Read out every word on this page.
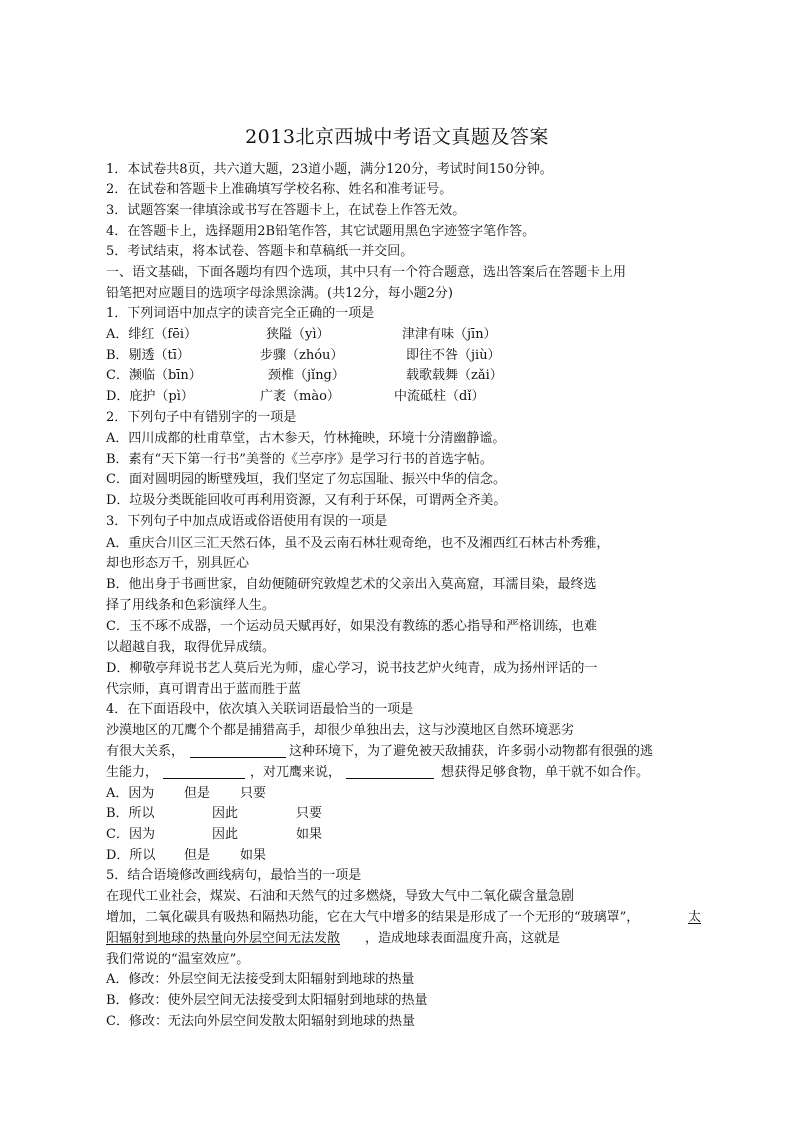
2013北京西城中考语文真题及答案
1．本试卷共8页，共六道大题，23道小题，满分120分，考试时间150分钟。
2．在试卷和答题卡上准确填写学校名称、姓名和准考证号。
3．试题答案一律填涂或书写在答题卡上，在试卷上作答无效。
4．在答题卡上，选择题用2B铅笔作答，其它试题用黑色字迹签字笔作答。
5．考试结束，将本试卷、答题卡和草稿纸一并交回。
一、语文基础，下面各题均有四个选项，其中只有一个符合题意，选出答案后在答题卡上用
铅笔把对应题目的选项字母涂黑涂满。(共12分，每小题2分)
1．下列词语中加点字的读音完全正确的一项是
A．绯红（fēi）	狭隘（yì）	津津有味（jīn）
B．剔透（tī）	步骤（zhóu）	即往不咎（jiù）
C．濒临（bīn）	颈椎（jǐnɡ）	载歌载舞（zǎi）
D．庇护（pì）	广袤（mào）	中流砥柱（dǐ）
2．下列句子中有错别字的一项是
A．四川成都的杜甫草堂，古木参天，竹林掩映，环境十分清幽静谧。
B．素有“天下第一行书”美誉的《兰亭序》是学习行书的首选字帖。
C．面对圆明园的断壁残垣，我们坚定了勿忘国耻、振兴中华的信念。
D．垃圾分类既能回收可再利用资源，又有利于环保，可谓两全齐美。
3．下列句子中加点成语或俗语使用有误的一项是
A．重庆合川区三汇天然石体，虽不及云南石林壮观奇绝，也不及湘西红石林古朴秀雅，
却也形态万千，别具匠心
B．他出身于书画世家，自幼便随研究敦煌艺术的父亲出入莫高窟，耳濡目染，最终选
择了用线条和色彩演绎人生。
C．玉不琢不成器，一个运动员天赋再好，如果没有教练的悉心指导和严格训练，也难
以超越自我，取得优异成绩。
D．柳敬亭拜说书艺人莫后光为师，虚心学习，说书技艺炉火纯青，成为扬州评话的一
代宗师，真可谓青出于蓝而胜于蓝
4．在下面语段中，依次填入关联词语最恰当的一项是
沙漠地区的兀鹰个个都是捕猎高手，却很少单独出去，这与沙漠地区自然环境恶劣
有很大关系，	这种环境下，为了避免被天敌捕获，许多弱小动物都有很强的逃
生能力，	，对兀鹰来说，	想获得足够食物，单干就不如合作。
A．因为 但是 只要
B．所以	因此	只要
C．因为	因此	如果
D．所以 但是 如果
5．结合语境修改画线病句，最恰当的一项是
在现代工业社会，煤炭、石油和天然气的过多燃烧，导致大气中二氧化碳含量急剧
增加，二氧化碳具有吸热和隔热功能，它在大气中增多的结果是形成了一个无形的“玻璃罩”，	太
阳辐射到地球的热量向外层空间无法发散 ，造成地球表面温度升高，这就是
我们常说的“温室效应”。
A．修改：外层空间无法接受到太阳辐射到地球的热量
B．修改：使外层空间无法接受到太阳辐射到地球的热量
C．修改：无法向外层空间发散太阳辐射到地球的热量
